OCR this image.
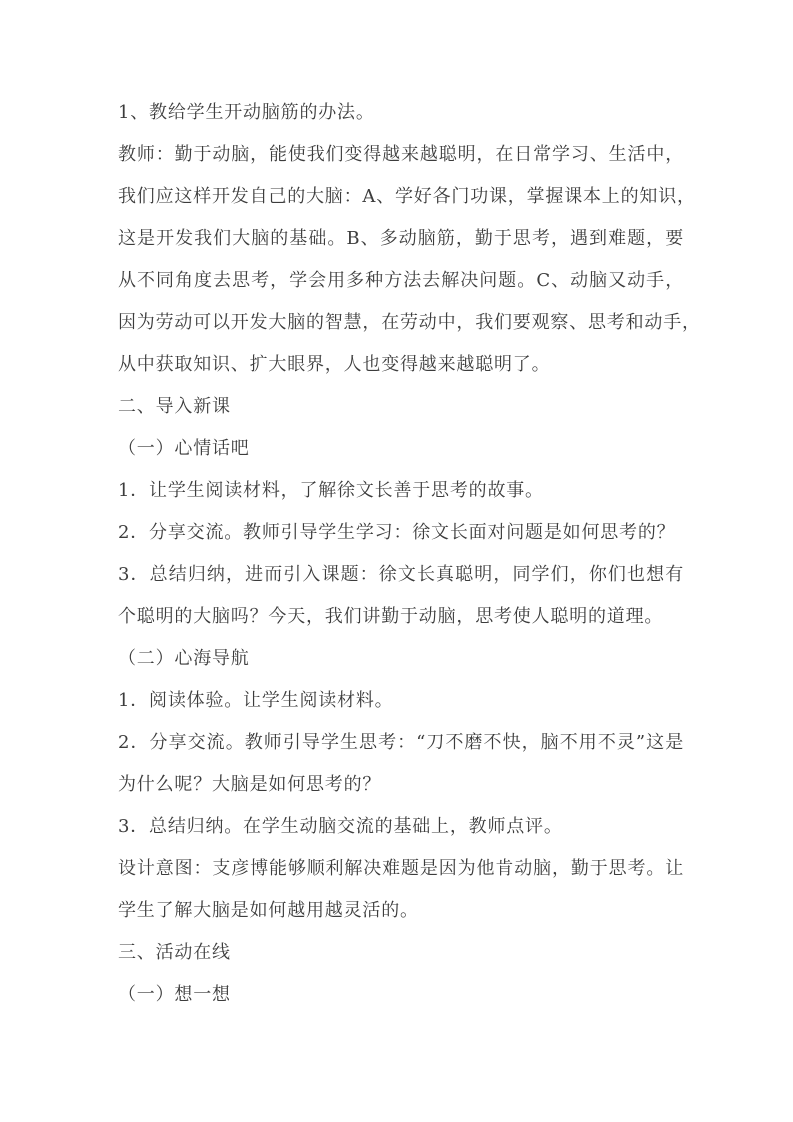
1、教给学生开动脑筋的办法。
教师：勤于动脑，能使我们变得越来越聪明，在日常学习、生活中，
我们应这样开发自己的大脑：A、学好各门功课，掌握课本上的知识，
这是开发我们大脑的基础。B、多动脑筋，勤于思考，遇到难题，要
从不同角度去思考，学会用多种方法去解决问题。C、动脑又动手，
因为劳动可以开发大脑的智慧，在劳动中，我们要观察、思考和动手，
从中获取知识、扩大眼界，人也变得越来越聪明了。
二、导入新课
（一）心情话吧
1．让学生阅读材料，了解徐文长善于思考的故事。
2．分享交流。教师引导学生学习：徐文长面对问题是如何思考的？
3．总结归纳，进而引入课题：徐文长真聪明，同学们，你们也想有
个聪明的大脑吗？今天，我们讲勤于动脑，思考使人聪明的道理。
（二）心海导航
1．阅读体验。让学生阅读材料。
2．分享交流。教师引导学生思考：“刀不磨不快，脑不用不灵”这是
为什么呢？大脑是如何思考的？
3．总结归纳。在学生动脑交流的基础上，教师点评。
设计意图：支彦博能够顺利解决难题是因为他肯动脑，勤于思考。让
学生了解大脑是如何越用越灵活的。
三、活动在线
（一）想一想
